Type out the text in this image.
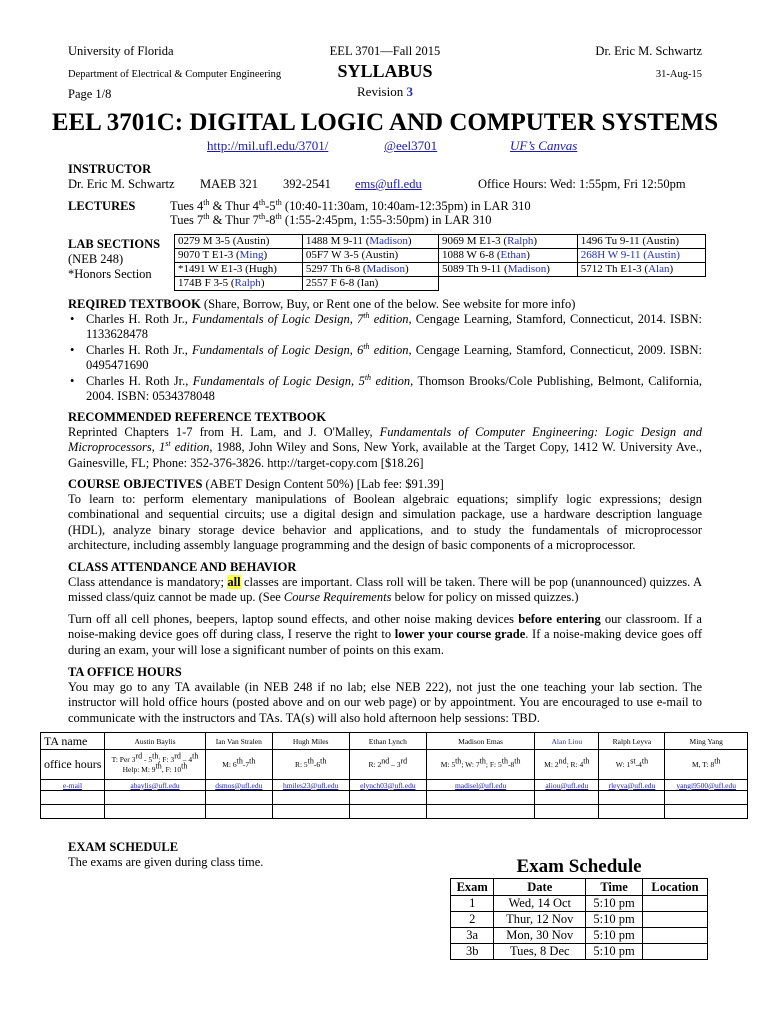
University of Florida
Department of Electrical & Computer Engineering
Page 1/8
EEL 3701—Fall 2015
SYLLABUS
Revision 3
Dr. Eric M. Schwartz
31-Aug-15
EEL 3701C: DIGITAL LOGIC AND COMPUTER SYSTEMS
http://mil.ufl.edu/3701/	@eel3701	UF’s Canvas
INSTRUCTOR
Dr. Eric M. Schwartz MAEB 321 392-2541 ems@ufl.edu	Office Hours: Wed: 1:55pm, Fri 12:50pm
LECTURES	Tues 4th & Thur 4th-5th (10:40-11:30am, 10:40am-12:35pm) in LAR 310
Tues 7th & Thur 7th-8th (1:55-2:45pm, 1:55-3:50pm) in LAR 310
LAB SECTIONS
(NEB 248)
*Honors Section
0279 M 3-5 (Austin)	1488 M 9-11 (Madison)	9069 M E1-3 (Ralph)	1496 Tu 9-11 (Austin)
9070 T E1-3 (Ming)	05F7 W 3-5 (Austin)	1088 W 6-8 (Ethan)	268H W 9-11 (Austin)
*1491 W E1-3 (Hugh)	5297 Th 6-8 (Madison)	5089 Th 9-11 (Madison)	5712 Th E1-3 (Alan)
174B F 3-5 (Ralph)	2557 F 6-8 (Ian)		
REQIRED TEXTBOOK (Share, Borrow, Buy, or Rent one of the below. See website for more info)
• Charles H. Roth Jr., Fundamentals of Logic Design, 7th edition, Cengage Learning, Stamford, Connecticut, 2014. ISBN: 1133628478
• Charles H. Roth Jr., Fundamentals of Logic Design, 6th edition, Cengage Learning, Stamford, Connecticut, 2009. ISBN: 0495471690
• Charles H. Roth Jr., Fundamentals of Logic Design, 5th edition, Thomson Brooks/Cole Publishing, Belmont, California, 2004. ISBN: 0534378048
RECOMMENDED REFERENCE TEXTBOOK
Reprinted Chapters 1-7 from H. Lam, and J. O'Malley, Fundamentals of Computer Engineering: Logic Design and Microprocessors, 1st edition, 1988, John Wiley and Sons, New York, available at the Target Copy, 1412 W. University Ave., Gainesville, FL; Phone: 352-376-3826. http://target-copy.com [$18.26]
COURSE OBJECTIVES (ABET Design Content 50%) [Lab fee: $91.39]
To learn to: perform elementary manipulations of Boolean algebraic equations; simplify logic expressions; design combinational and sequential circuits; use a digital design and simulation package, use a hardware description language (HDL), analyze binary storage device behavior and applications, and to study the fundamentals of microprocessor architecture, including assembly language programming and the design of basic components of a microprocessor.
CLASS ATTENDANCE AND BEHAVIOR
Class attendance is mandatory; all classes are important. Class roll will be taken. There will be pop (unannounced) quizzes. A missed class/quiz cannot be made up. (See Course Requirements below for policy on missed quizzes.)
Turn off all cell phones, beepers, laptop sound effects, and other noise making devices before entering our classroom. If a noise-making device goes off during class, I reserve the right to lower your course grade. If a noise-making device goes off during an exam, your will lose a significant number of points on this exam.
TA OFFICE HOURS
You may go to any TA available (in NEB 248 if no lab; else NEB 222), not just the one teaching your lab section. The instructor will hold office hours (posted above and on our web page) or by appointment. You are encouraged to use e-mail to communicate with the instructors and TAs. TA(s) will also hold afternoon help sessions: TBD.
TA name	Austin Baylis	Ian Van Stralen	Hugh Miles	Ethan Lynch	Madison Emas	Alan Liou	Ralph Leyva	Ming Yang
office hours	T: Per 3rd - 5th; F: 3rd – 4th Help: M: 9th, F: 10th	M: 6th-7th	R: 5th-6th	R: 2nd – 3rd	M: 5th; W: 7th; F: 5th-8th	M: 2nd; R: 4th	W: 1st-4th	M, T: 8th
e-mail	abaylis@ufl.edu	dsmos@ufl.edu	hmiles23@ufl.edu	elynch03@ufl.edu	madisel@ufl.edu	aliou@ufl.edu	rleyva@ufl.edu	yangi9500@ufl.edu

EXAM SCHEDULE
The exams are given during class time.	Exam Schedule
Exam	Date	Time	Location
1	Wed, 14 Oct	5:10 pm	
2	Thur, 12 Nov	5:10 pm	
3a	Mon, 30 Nov	5:10 pm	
3b	Tues, 8 Dec	5:10 pm	
